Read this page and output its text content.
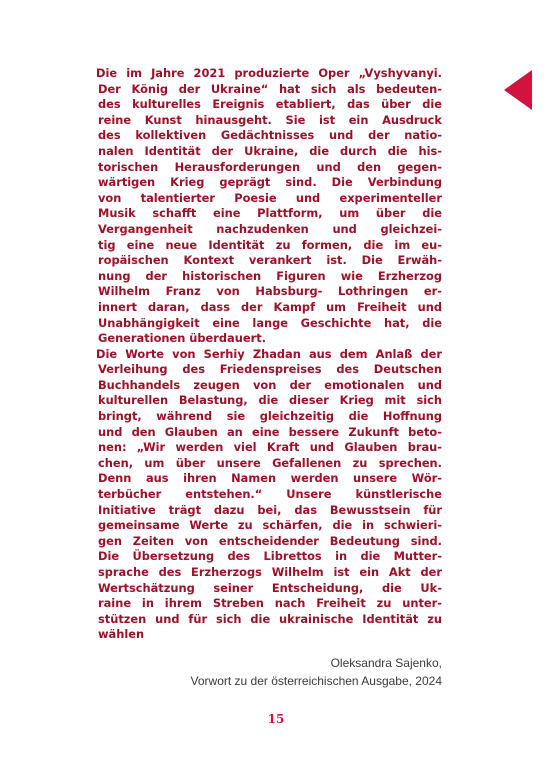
Die im Jahre 2021 produzierte Oper „Vyshyvanyi.
Der König der Ukraine“ hat sich als bedeuten-
des kulturelles Ereignis etabliert, das über die
reine Kunst hinausgeht. Sie ist ein Ausdruck
des kollektiven Gedächtnisses und der natio-
nalen Identität der Ukraine, die durch die his-
torischen Herausforderungen und den gegen-
wärtigen Krieg geprägt sind. Die Verbindung
von talentierter Poesie und experimenteller
Musik schafft eine Plattform, um über die
Vergangenheit nachzudenken und gleichzei-
tig eine neue Identität zu formen, die im eu-
ropäischen Kontext verankert ist. Die Erwäh-
nung der historischen Figuren wie Erzherzog
Wilhelm Franz von Habsburg- Lothringen er-
innert daran, dass der Kampf um Freiheit und
Unabhängigkeit eine lange Geschichte hat, die
Generationen überdauert.
Die Worte von Serhiy Zhadan aus dem Anlaß der
Verleihung des Friedenspreises des Deutschen
Buchhandels zeugen von der emotionalen und
kulturellen Belastung, die dieser Krieg mit sich
bringt, während sie gleichzeitig die Hoffnung
und den Glauben an eine bessere Zukunft beto-
nen: „Wir werden viel Kraft und Glauben brau-
chen, um über unsere Gefallenen zu sprechen.
Denn aus ihren Namen werden unsere Wör-
terbücher entstehen.“ Unsere künstlerische
Initiative trägt dazu bei, das Bewusstsein für
gemeinsame Werte zu schärfen, die in schwieri-
gen Zeiten von entscheidender Bedeutung sind.
Die Übersetzung des Librettos in die Mutter-
sprache des Erzherzogs Wilhelm ist ein Akt der
Wertschätzung seiner Entscheidung, die Uk-
raine in ihrem Streben nach Freiheit zu unter-
stützen und für sich die ukrainische Identität zu
wählen
Oleksandra Sajenko,
Vorwort zu der österreichischen Ausgabe, 2024
15
